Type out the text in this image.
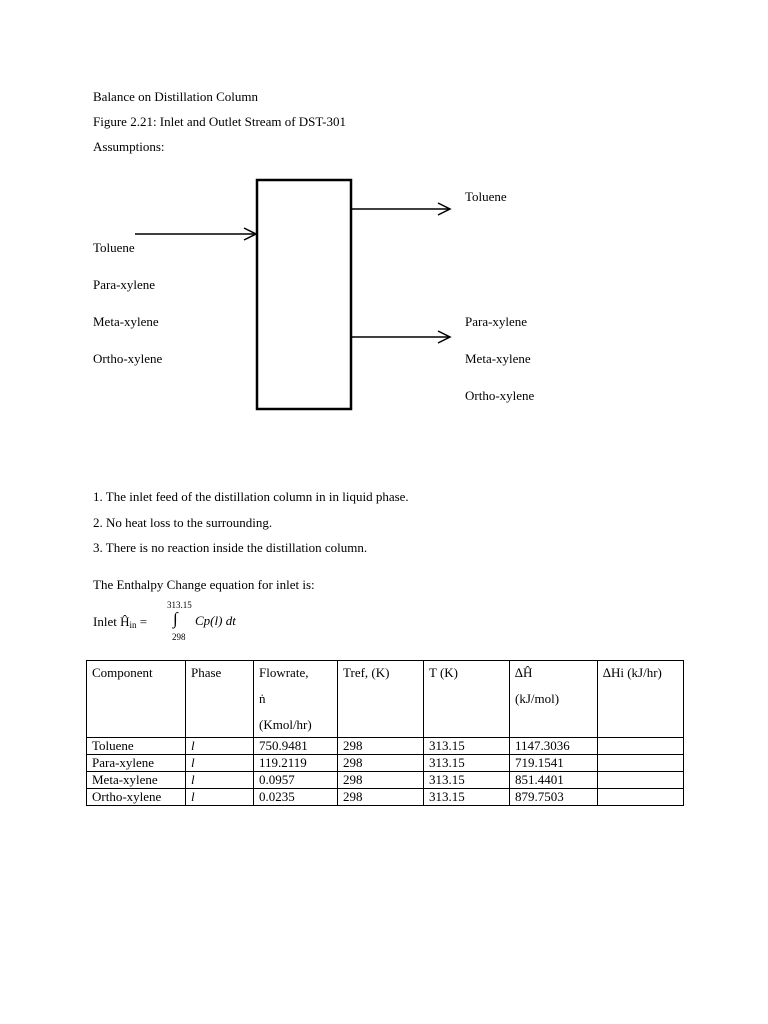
Balance on Distillation Column
Figure 2.21: Inlet and Outlet Stream of DST-301
Assumptions:
Toluene
Para-xylene
Meta-xylene
Ortho-xylene
Toluene
Para-xylene
Meta-xylene
Ortho-xylene
1. The inlet feed of the distillation column in in liquid phase.
2. No heat loss to the surrounding.
3. There is no reaction inside the distillation column.
The Enthalpy Change equation for inlet is:
Inlet Ĥin =
313.15
∫
298
Cp(l) dt
Component	Phase	Flowrate,
ṅ
(Kmol/hr)	Tref, (K)	T (K)	∆Ĥ
(kJ/mol)	∆Hi (kJ/hr)

Toluene	l	750.9481	298	313.15	1147.3036	
Para-xylene	l	119.2119	298	313.15	719.1541	
Meta-xylene	l	0.0957	298	313.15	851.4401	
Ortho-xylene	l	0.0235	298	313.15	879.7503	
